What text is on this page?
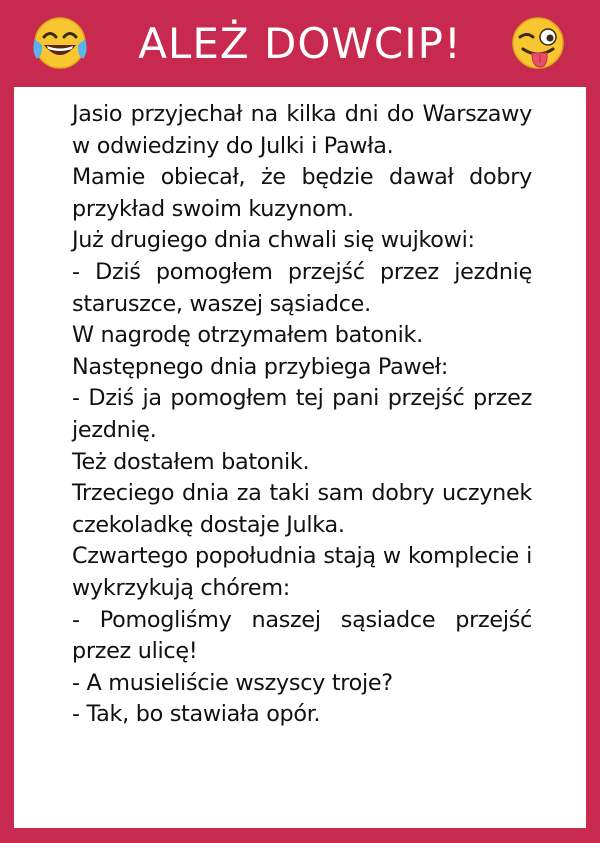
ALEŻ DOWCIP!

Jasio przyjechał na kilka dni do Warszawy w odwiedziny do Julki i Pawła.

Mamie obiecał, że będzie dawał dobry przykład swoim kuzynom.

Już drugiego dnia chwali się wujkowi:

- Dziś pomogłem przejść przez jezdnię staruszce, waszej sąsiadce.

W nagrodę otrzymałem batonik.

Następnego dnia przybiega Paweł:

- Dziś ja pomogłem tej pani przejść przez jezdnię.

Też dostałem batonik.

Trzeciego dnia za taki sam dobry uczynek czekoladkę dostaje Julka.

Czwartego popołudnia stają w komplecie i wykrzykują chórem:

- Pomogliśmy naszej sąsiadce przejść przez ulicę!

- A musieliście wszyscy troje?

- Tak, bo stawiała opór.
